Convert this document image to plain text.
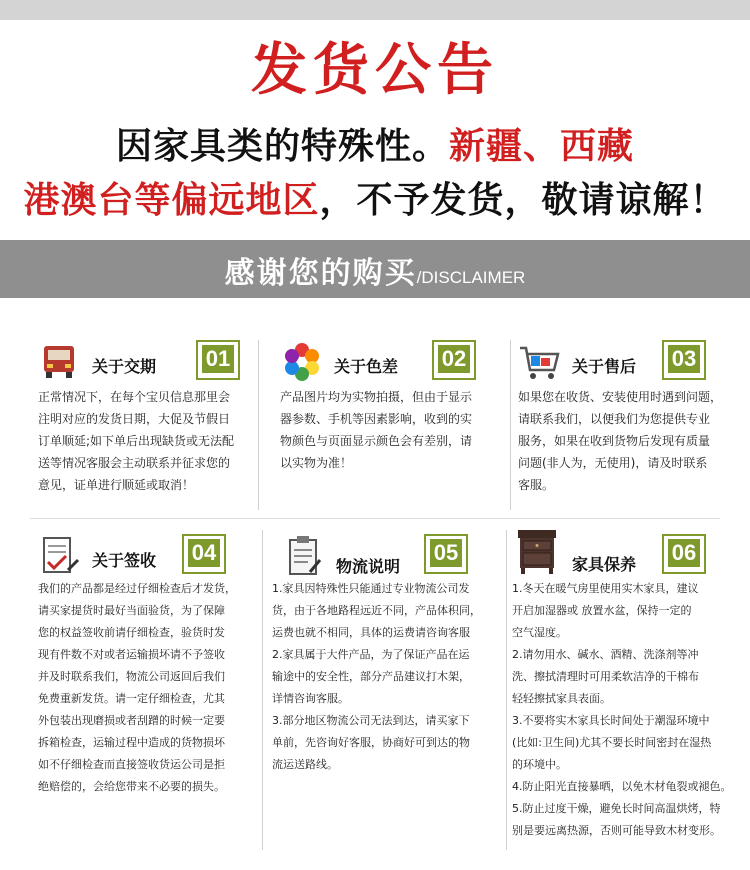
发货公告
因家具类的特殊性。新疆、西藏
港澳台等偏远地区，不予发货，敬请谅解！
感谢您的购买/DISCLAIMER
关于交期 01

正常情况下，在每个宝贝信息那里会

注明对应的发货日期，大促及节假日

订单顺延;如下单后出现缺货或无法配

送等情况客服会主动联系并征求您的

意见，证单进行顺延或取消！

关于色差 02

产品图片均为实物拍摄，但由于显示

器参数、手机等因素影响，收到的实

物颜色与页面显示颜色会有差别，请

以实物为准！

关于售后 03

如果您在收货、安装使用时遇到问题，

请联系我们，以便我们为您提供专业

服务，如果在收到货物后发现有质量

问题(非人为，无使用)，请及时联系

客服。

关于签收 04

我们的产品都是经过仔细检查后才发货，

请买家提货时最好当面验货，为了保障

您的权益签收前请仔细检查，验货时发

现有件数不对或者运输损坏请不予签收

并及时联系我们，物流公司返回后我们

免费重新发货。请一定仔细检查，尤其

外包装出现磨损或者刮蹭的时候一定要

拆箱检查，运输过程中造成的货物损坏

如不仔细检查而直接签收货运公司是拒

绝赔偿的，会给您带来不必要的损失。

物流说明
05

1.家具因特殊性只能通过专业物流公司发

货，由于各地路程远近不同，产品体积同，

运费也就不相同，具体的运费请咨询客服

2.家具属于大件产品，为了保证产品在运

输途中的安全性，部分产品建议打木架，

详情咨询客服。

3.部分地区物流公司无法到达，请买家下

单前，先咨询好客服，协商好可到达的物

流运送路线。

家具保养 06

1.冬天在暖气房里使用实木家具，建议

开启加湿器或 放置水盆，保持一定的

空气湿度。

2.请勿用水、碱水、酒精、洗涤剂等冲

洗、擦拭清理时可用柔软洁净的干棉布

轻轻擦拭家具表面。

3.不要将实木家具长时间处于潮湿环境中

(比如:卫生间)尤其不要长时间密封在湿热

的环境中。

4.防止阳光直接暴晒，以免木材龟裂或褪色。

5.防止过度干燥，避免长时间高温烘烤，特

别是要远离热源，否则可能导致木材变形。
